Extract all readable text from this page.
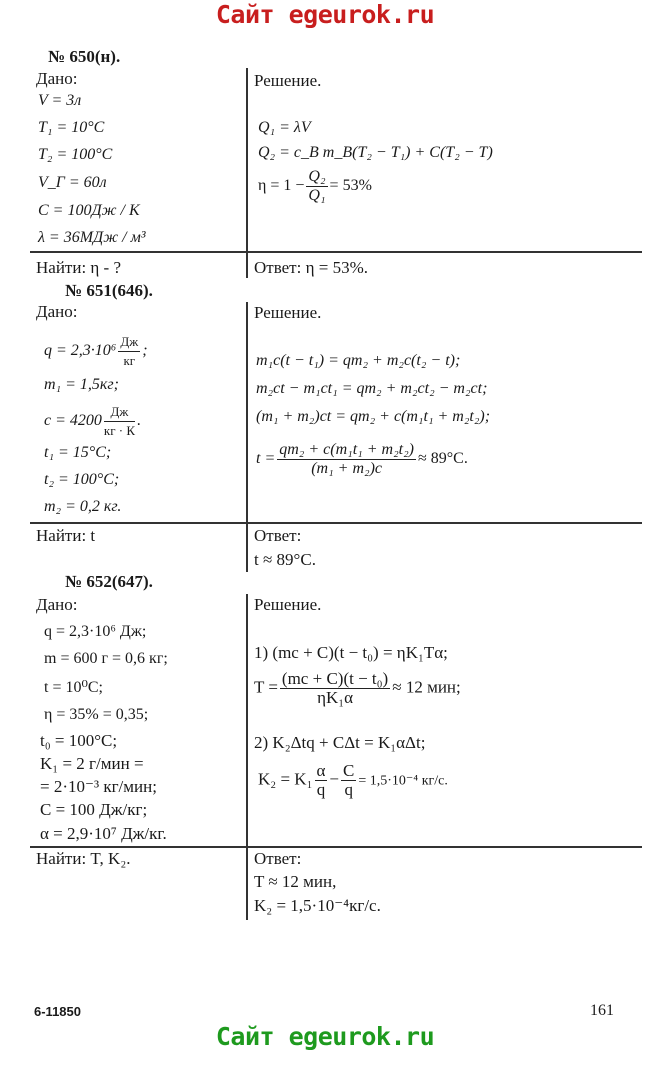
Сайт egeurok.ru
№ 650(н).
Дано:
V = 3л
T₁ = 10°C
T₂ = 100°C
V_Г = 60л
C = 100Дж / K
λ = 36МДж / м³
Найти: η - ?
Решение.
Q₁ = λV
Q₂ = c_B m_B(T₂ − T₁) + C(T₂ − T)
$\eta = 1 - \frac{\text{Q₂}}{\text{Q₁}} = 53\%$
Ответ: η = 53%.
№ 651(646).
Дано:
$q = 2,3\cdot 10^6 \frac{Дж}{кг}$ ;
m₁ = 1,5кг;
$c = 4200 \frac{Дж}{кг \cdot К}$ .
t₁ = 15°C;
t₂ = 100°C;
m₂ = 0,2 кг.
Найти: t
Решение.
m₁c(t − t₁) = qm₂ + m₂c(t₂ − t);
m₂ct − m₁ct₁ = qm₂ + m₂ct₂ − m₂ct;
(m₁ + m₂)ct = qm₂ + c(m₁t₁ + m₂t₂);
$t = \frac{\text{qm₂ + c(m₁t₁ + m₂t₂)}}{\text{(m₁ + m₂)c}} \approx 89^\circ C$.
Ответ:
t ≈ 89°C.
№ 652(647).
Дано:
q = 2,3·10⁶ Дж;
m = 600 г = 0,6 кг;
t = 10⁰C;
η = 35% = 0,35;
t₀ = 100°C;
K₁ = 2 г/мин =
= 2·10⁻³ кг/мин;
C = 100 Дж/кг;
α = 2,9·10⁷ Дж/кг.
Найти: T, K₂.
Решение.
1) (mc + C)(t − t₀) = ηK₁Tα;
$T = \frac{\text{(mc + C)(t − t₀)}}{\text{ηK₁α}} \approx 12$ мин;
2) K₂Δtq + CΔt = K₁αΔt;
$K_2 = K_1 \frac{\alpha}{q} - \frac{C}{q} = 1,5\cdot 10^{-4}$ кг/с.
Ответ:
T ≈ 12 мин,
K₂ = 1,5·10⁻⁴кг/с.
6-11850	161
Сайт egeurok.ru
